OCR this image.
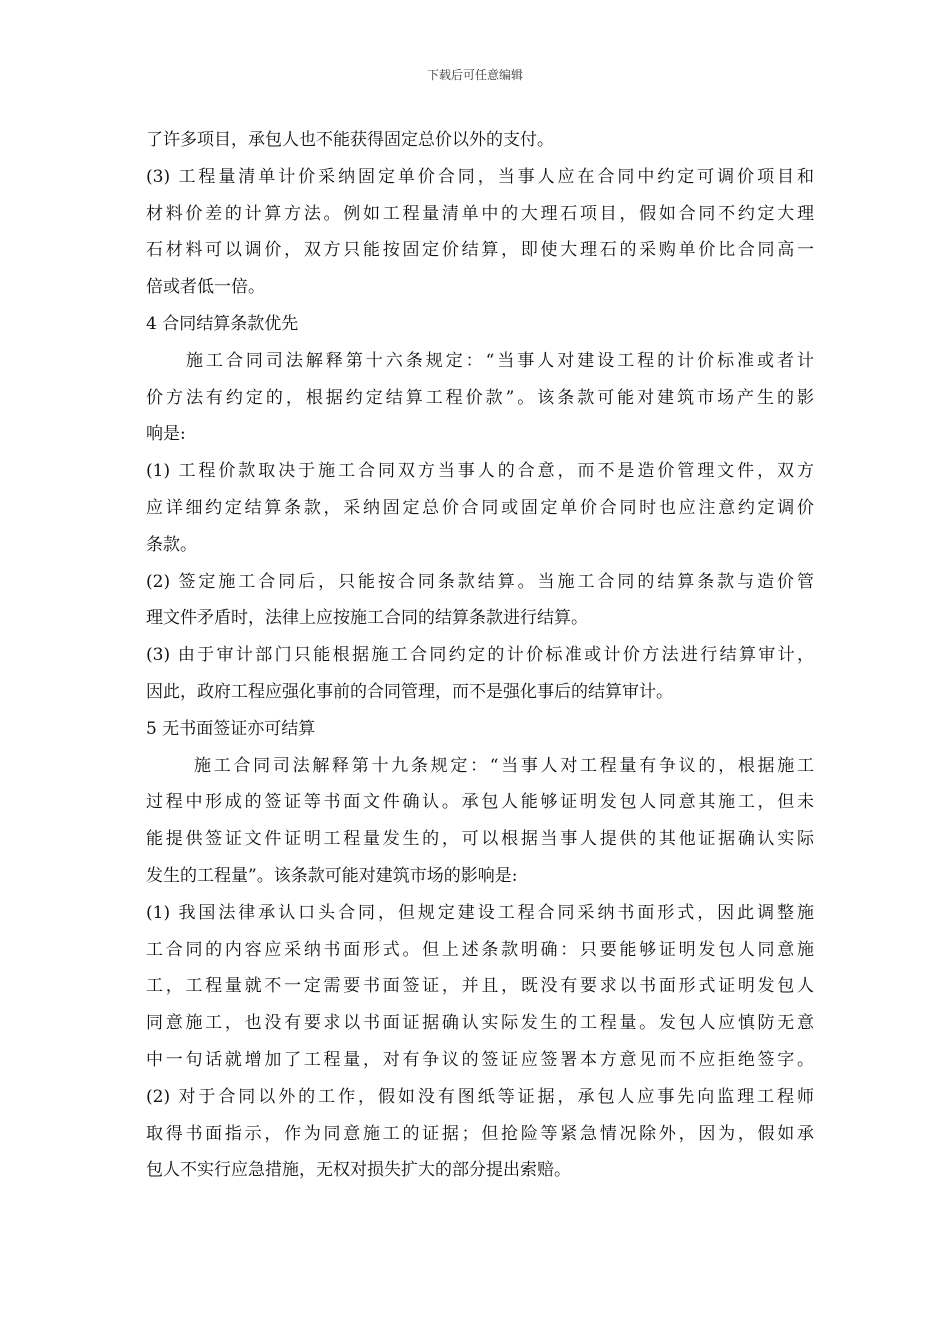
下载后可任意编辑
了许多项目，承包人也不能获得固定总价以外的支付。
(3) 工程量清单计价采纳固定单价合同，当事人应在合同中约定可调价项目和
材料价差的计算方法。例如工程量清单中的大理石项目，假如合同不约定大理
石材料可以调价，双方只能按固定价结算，即使大理石的采购单价比合同高一
倍或者低一倍。
4 合同结算条款优先
施工合同司法解释第十六条规定：“当事人对建设工程的计价标准或者计
价方法有约定的，根据约定结算工程价款”。该条款可能对建筑市场产生的影
响是:
(1) 工程价款取决于施工合同双方当事人的合意，而不是造价管理文件，双方
应详细约定结算条款，采纳固定总价合同或固定单价合同时也应注意约定调价
条款。
(2) 签定施工合同后，只能按合同条款结算。当施工合同的结算条款与造价管
理文件矛盾时，法律上应按施工合同的结算条款进行结算。
(3) 由于审计部门只能根据施工合同约定的计价标准或计价方法进行结算审计，
因此，政府工程应强化事前的合同管理，而不是强化事后的结算审计。
5 无书面签证亦可结算
施工合同司法解释第十九条规定：“当事人对工程量有争议的，根据施工
过程中形成的签证等书面文件确认。承包人能够证明发包人同意其施工，但未
能提供签证文件证明工程量发生的，可以根据当事人提供的其他证据确认实际
发生的工程量”。该条款可能对建筑市场的影响是:
(1) 我国法律承认口头合同，但规定建设工程合同采纳书面形式，因此调整施
工合同的内容应采纳书面形式。但上述条款明确：只要能够证明发包人同意施
工，工程量就不一定需要书面签证，并且，既没有要求以书面形式证明发包人
同意施工，也没有要求以书面证据确认实际发生的工程量。发包人应慎防无意
中一句话就增加了工程量，对有争议的签证应签署本方意见而不应拒绝签字。
(2) 对于合同以外的工作，假如没有图纸等证据，承包人应事先向监理工程师
取得书面指示，作为同意施工的证据；但抢险等紧急情况除外，因为，假如承
包人不实行应急措施，无权对损失扩大的部分提出索赔。
